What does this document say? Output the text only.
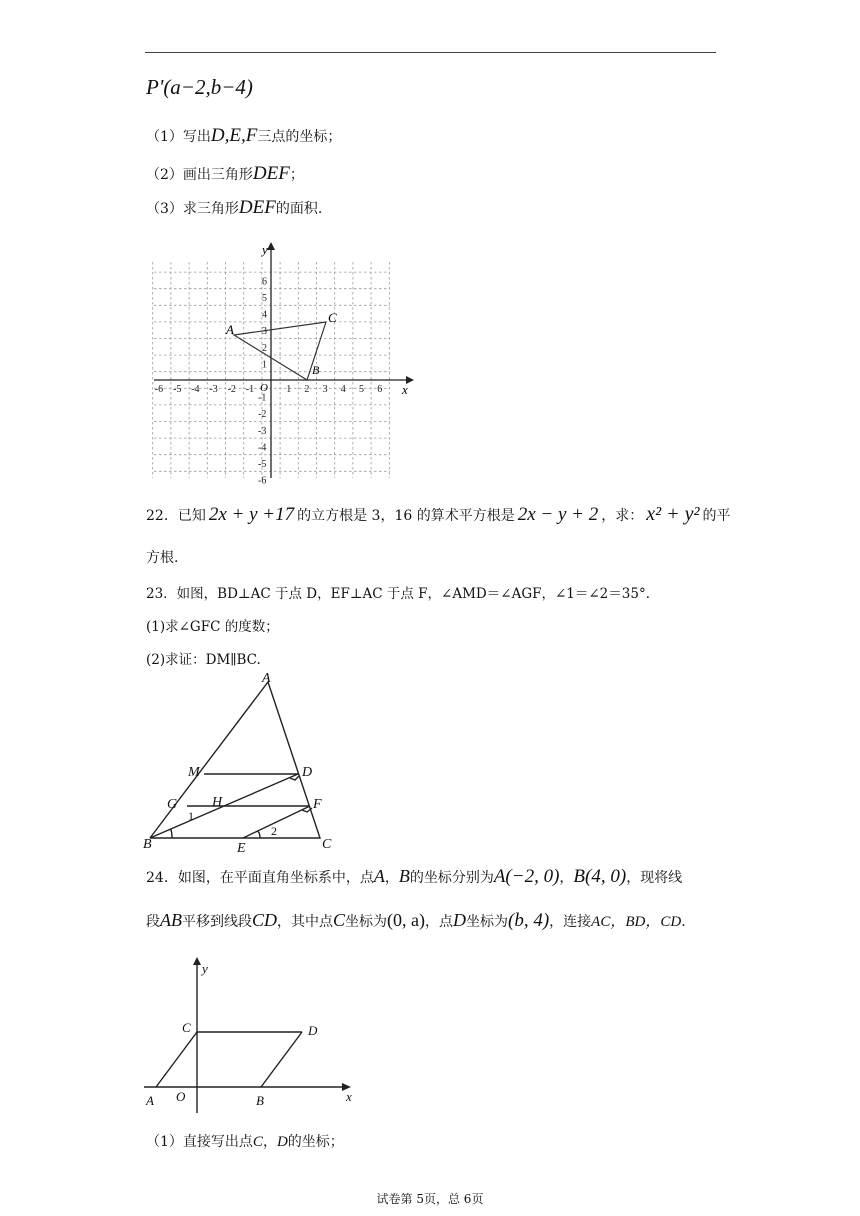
P'(a−2,b−4)
（1）写出D,E,F三点的坐标；
（2）画出三角形DEF；
（3）求三角形DEF的面积.
y
x
O
-6 -5 -4 -3 -2 -1	1 2 3 4 5 6
6
5
4
3
2
1
-1
-2
-3
-4
-5
-6
A
C
B
22．已知 2x + y +17 的立方根是 3，16 的算术平方根是 2x − y + 2 ，求： x² + y² 的平
方根.
23．如图，BD⊥AC 于点 D，EF⊥AC 于点 F，∠AMD＝∠AGF，∠1＝∠2＝35°．
(1)求∠GFC 的度数；
(2)求证：DM∥BC.
A
M	D
G H	F
B	E	C
1
2
24．如图，在平面直角坐标系中，点A，B的坐标分别为A(−2, 0)，B(4, 0)，现将线
段AB平移到线段CD，其中点C坐标为(0, a)，点D坐标为(b, 4)，连接AC，BD，CD.
y
x
A O	B
C	D
（1）直接写出点C，D的坐标；
试卷第 5页，总 6页
